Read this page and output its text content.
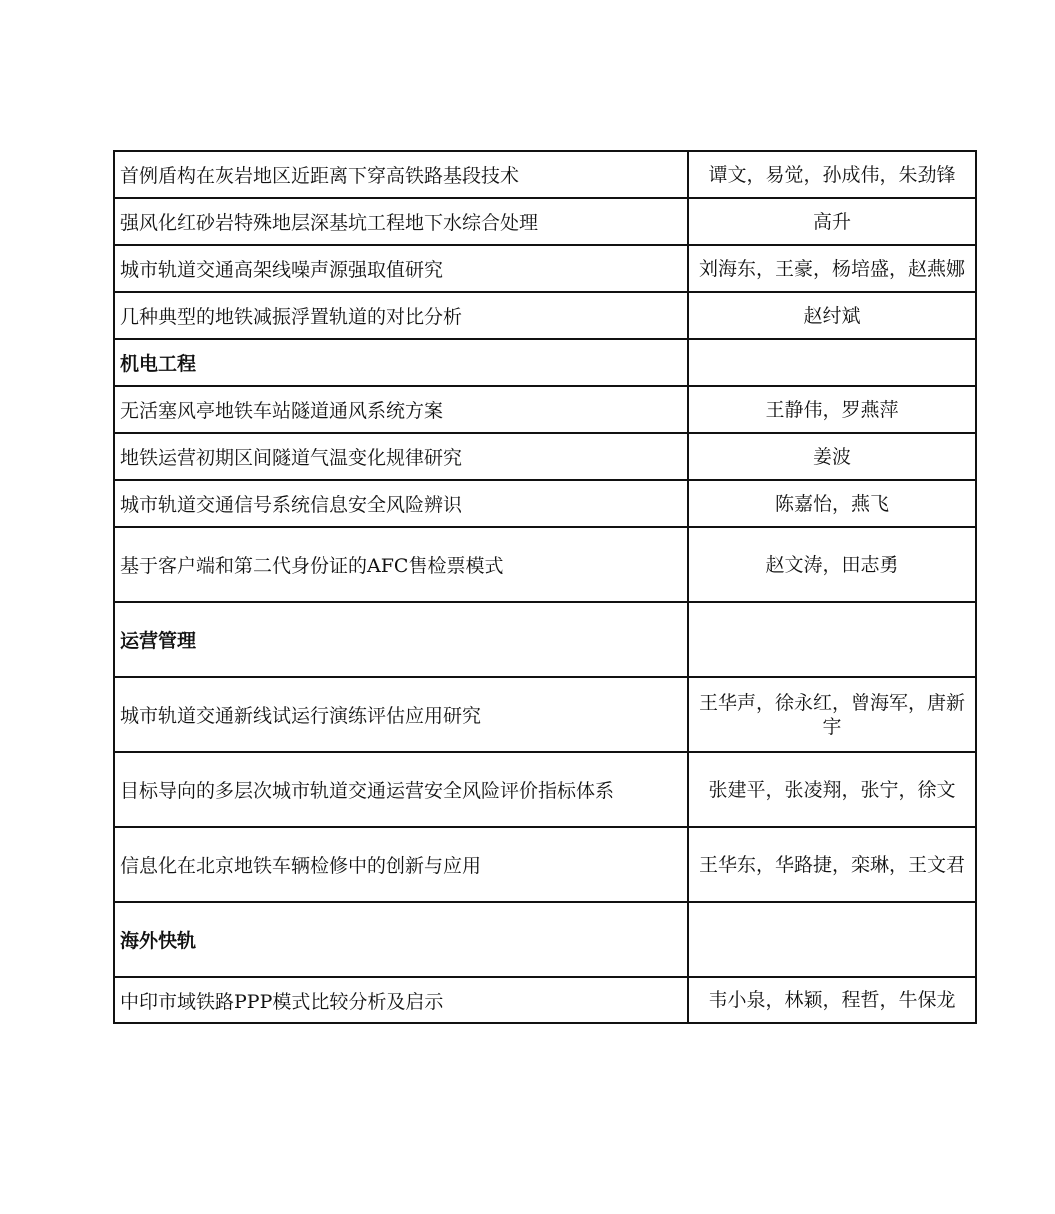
首例盾构在灰岩地区近距离下穿高铁路基段技术	谭文，易觉，孙成伟，朱劲锋
强风化红砂岩特殊地层深基坑工程地下水综合处理	高升
城市轨道交通高架线噪声源强取值研究	刘海东，王豪，杨培盛，赵燕娜
几种典型的地铁减振浮置轨道的对比分析	赵纣斌
机电工程	
无活塞风亭地铁车站隧道通风系统方案	王静伟，罗燕萍
地铁运营初期区间隧道气温变化规律研究	姜波
城市轨道交通信号系统信息安全风险辨识	陈嘉怡，燕飞
基于客户端和第二代身份证的AFC售检票模式	赵文涛，田志勇
运营管理	
城市轨道交通新线试运行演练评估应用研究	王华声，徐永红，曾海军，唐新宇
目标导向的多层次城市轨道交通运营安全风险评价指标体系	张建平，张凌翔，张宁，徐文
信息化在北京地铁车辆检修中的创新与应用	王华东，华路捷，栾琳，王文君
海外快轨	
中印市域铁路PPP模式比较分析及启示	韦小泉，林颖，程哲，牛保龙
